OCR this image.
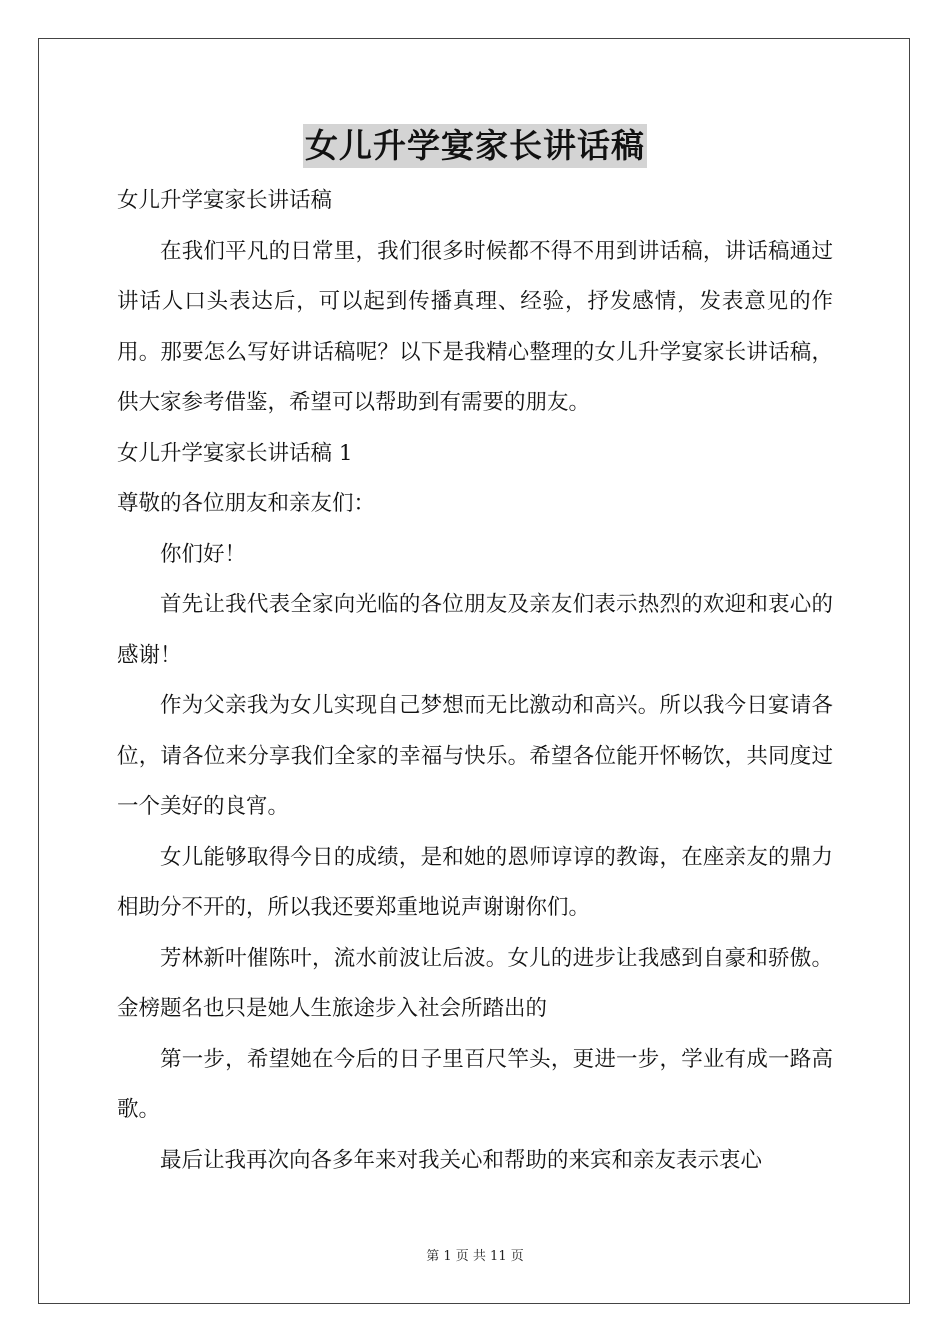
女儿升学宴家长讲话稿
女儿升学宴家长讲话稿
在我们平凡的日常里，我们很多时候都不得不用到讲话稿，讲话稿通过讲话人口头表达后，可以起到传播真理、经验，抒发感情，发表意见的作用。那要怎么写好讲话稿呢？以下是我精心整理的女儿升学宴家长讲话稿，供大家参考借鉴，希望可以帮助到有需要的朋友。
女儿升学宴家长讲话稿 1
尊敬的各位朋友和亲友们：
你们好！
首先让我代表全家向光临的各位朋友及亲友们表示热烈的欢迎和衷心的感谢！
作为父亲我为女儿实现自己梦想而无比激动和高兴。所以我今日宴请各位，请各位来分享我们全家的幸福与快乐。希望各位能开怀畅饮，共同度过一个美好的良宵。
女儿能够取得今日的成绩，是和她的恩师谆谆的教诲，在座亲友的鼎力相助分不开的，所以我还要郑重地说声谢谢你们。
芳林新叶催陈叶，流水前波让后波。女儿的进步让我感到自豪和骄傲。金榜题名也只是她人生旅途步入社会所踏出的
第一步，希望她在今后的日子里百尺竿头，更进一步，学业有成一路高歌。
最后让我再次向各多年来对我关心和帮助的来宾和亲友表示衷心
第 1 页 共 11 页
